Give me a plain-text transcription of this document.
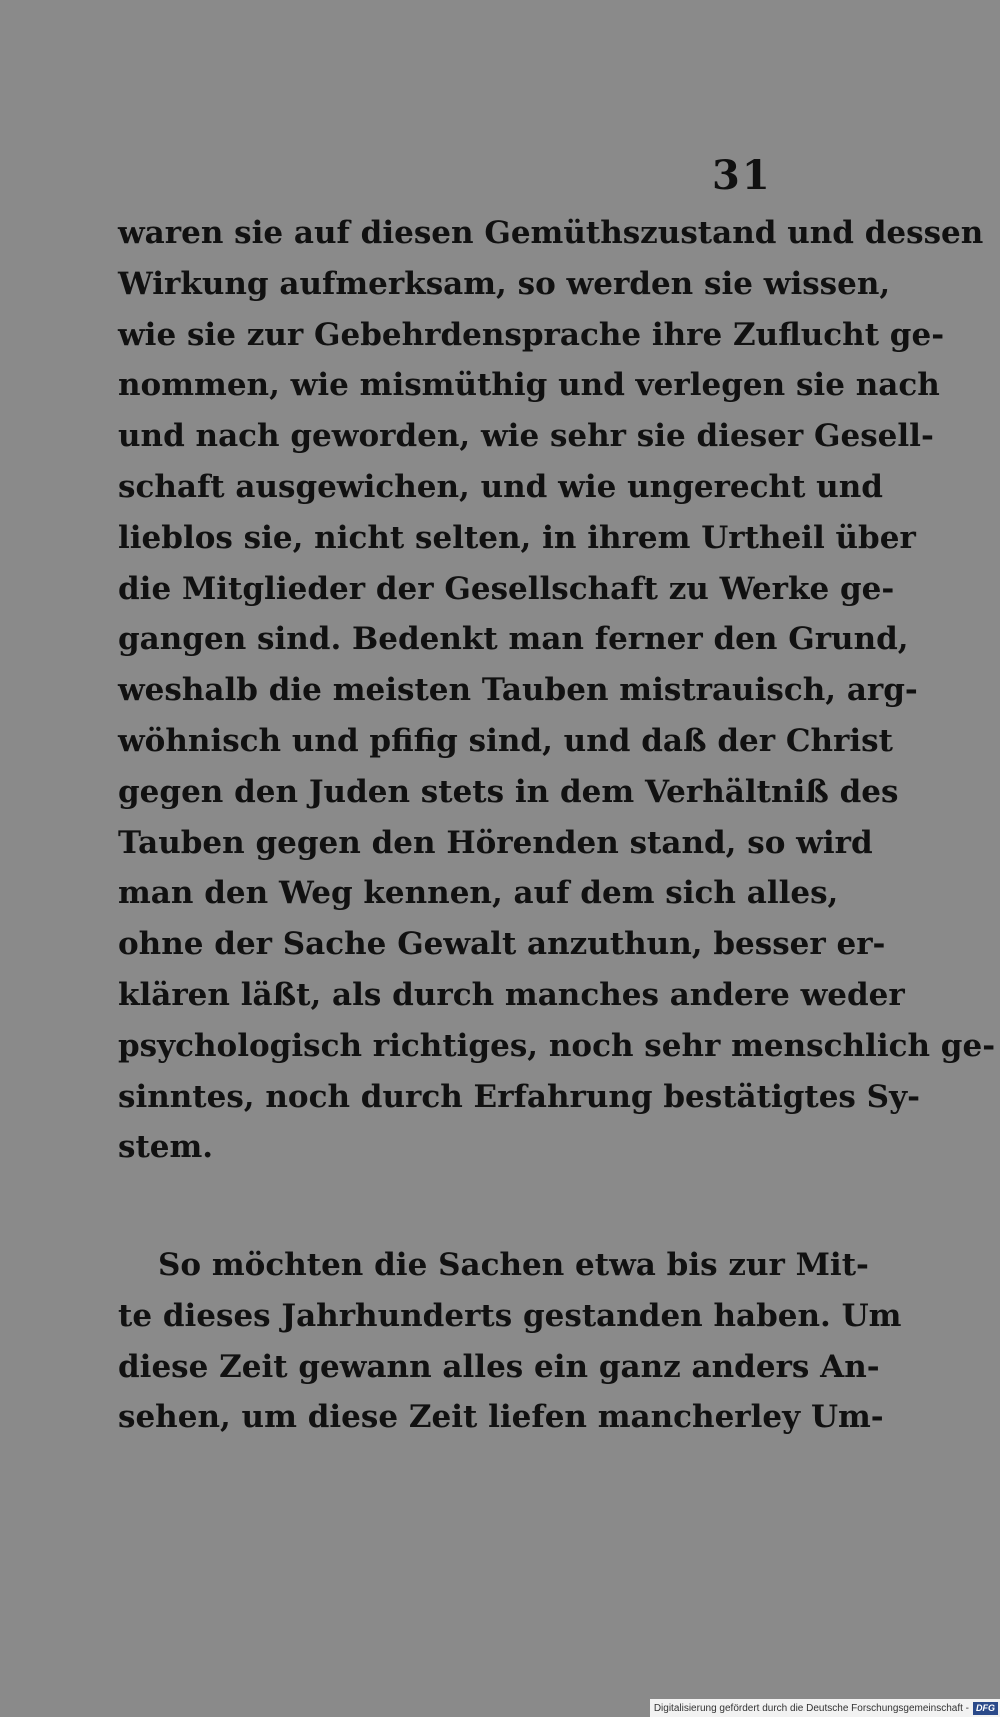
31
waren sie auf diesen Gemüthszustand und dessen
Wirkung aufmerksam, so werden sie wissen,
wie sie zur Gebehrdensprache ihre Zuflucht ge-
nommen, wie mismüthig und verlegen sie nach
und nach geworden, wie sehr sie dieser Gesell-
schaft ausgewichen, und wie ungerecht und
lieblos sie, nicht selten, in ihrem Urtheil über
die Mitglieder der Gesellschaft zu Werke ge-
gangen sind. Bedenkt man ferner den Grund,
weshalb die meisten Tauben mistrauisch, arg-
wöhnisch und pfifig sind, und daß der Christ
gegen den Juden stets in dem Verhältniß des
Tauben gegen den Hörenden stand, so wird
man den Weg kennen, auf dem sich alles,
ohne der Sache Gewalt anzuthun, besser er-
klären läßt, als durch manches andere weder
psychologisch richtiges, noch sehr menschlich ge-
sinntes, noch durch Erfahrung bestätigtes Sy-
stem.
So möchten die Sachen etwa bis zur Mit-
te dieses Jahrhunderts gestanden haben. Um
diese Zeit gewann alles ein ganz anders An-
sehen, um diese Zeit liefen mancherley Um-
Digitalisierung gefördert durch die Deutsche Forschungsgemeinschaft - DFG
